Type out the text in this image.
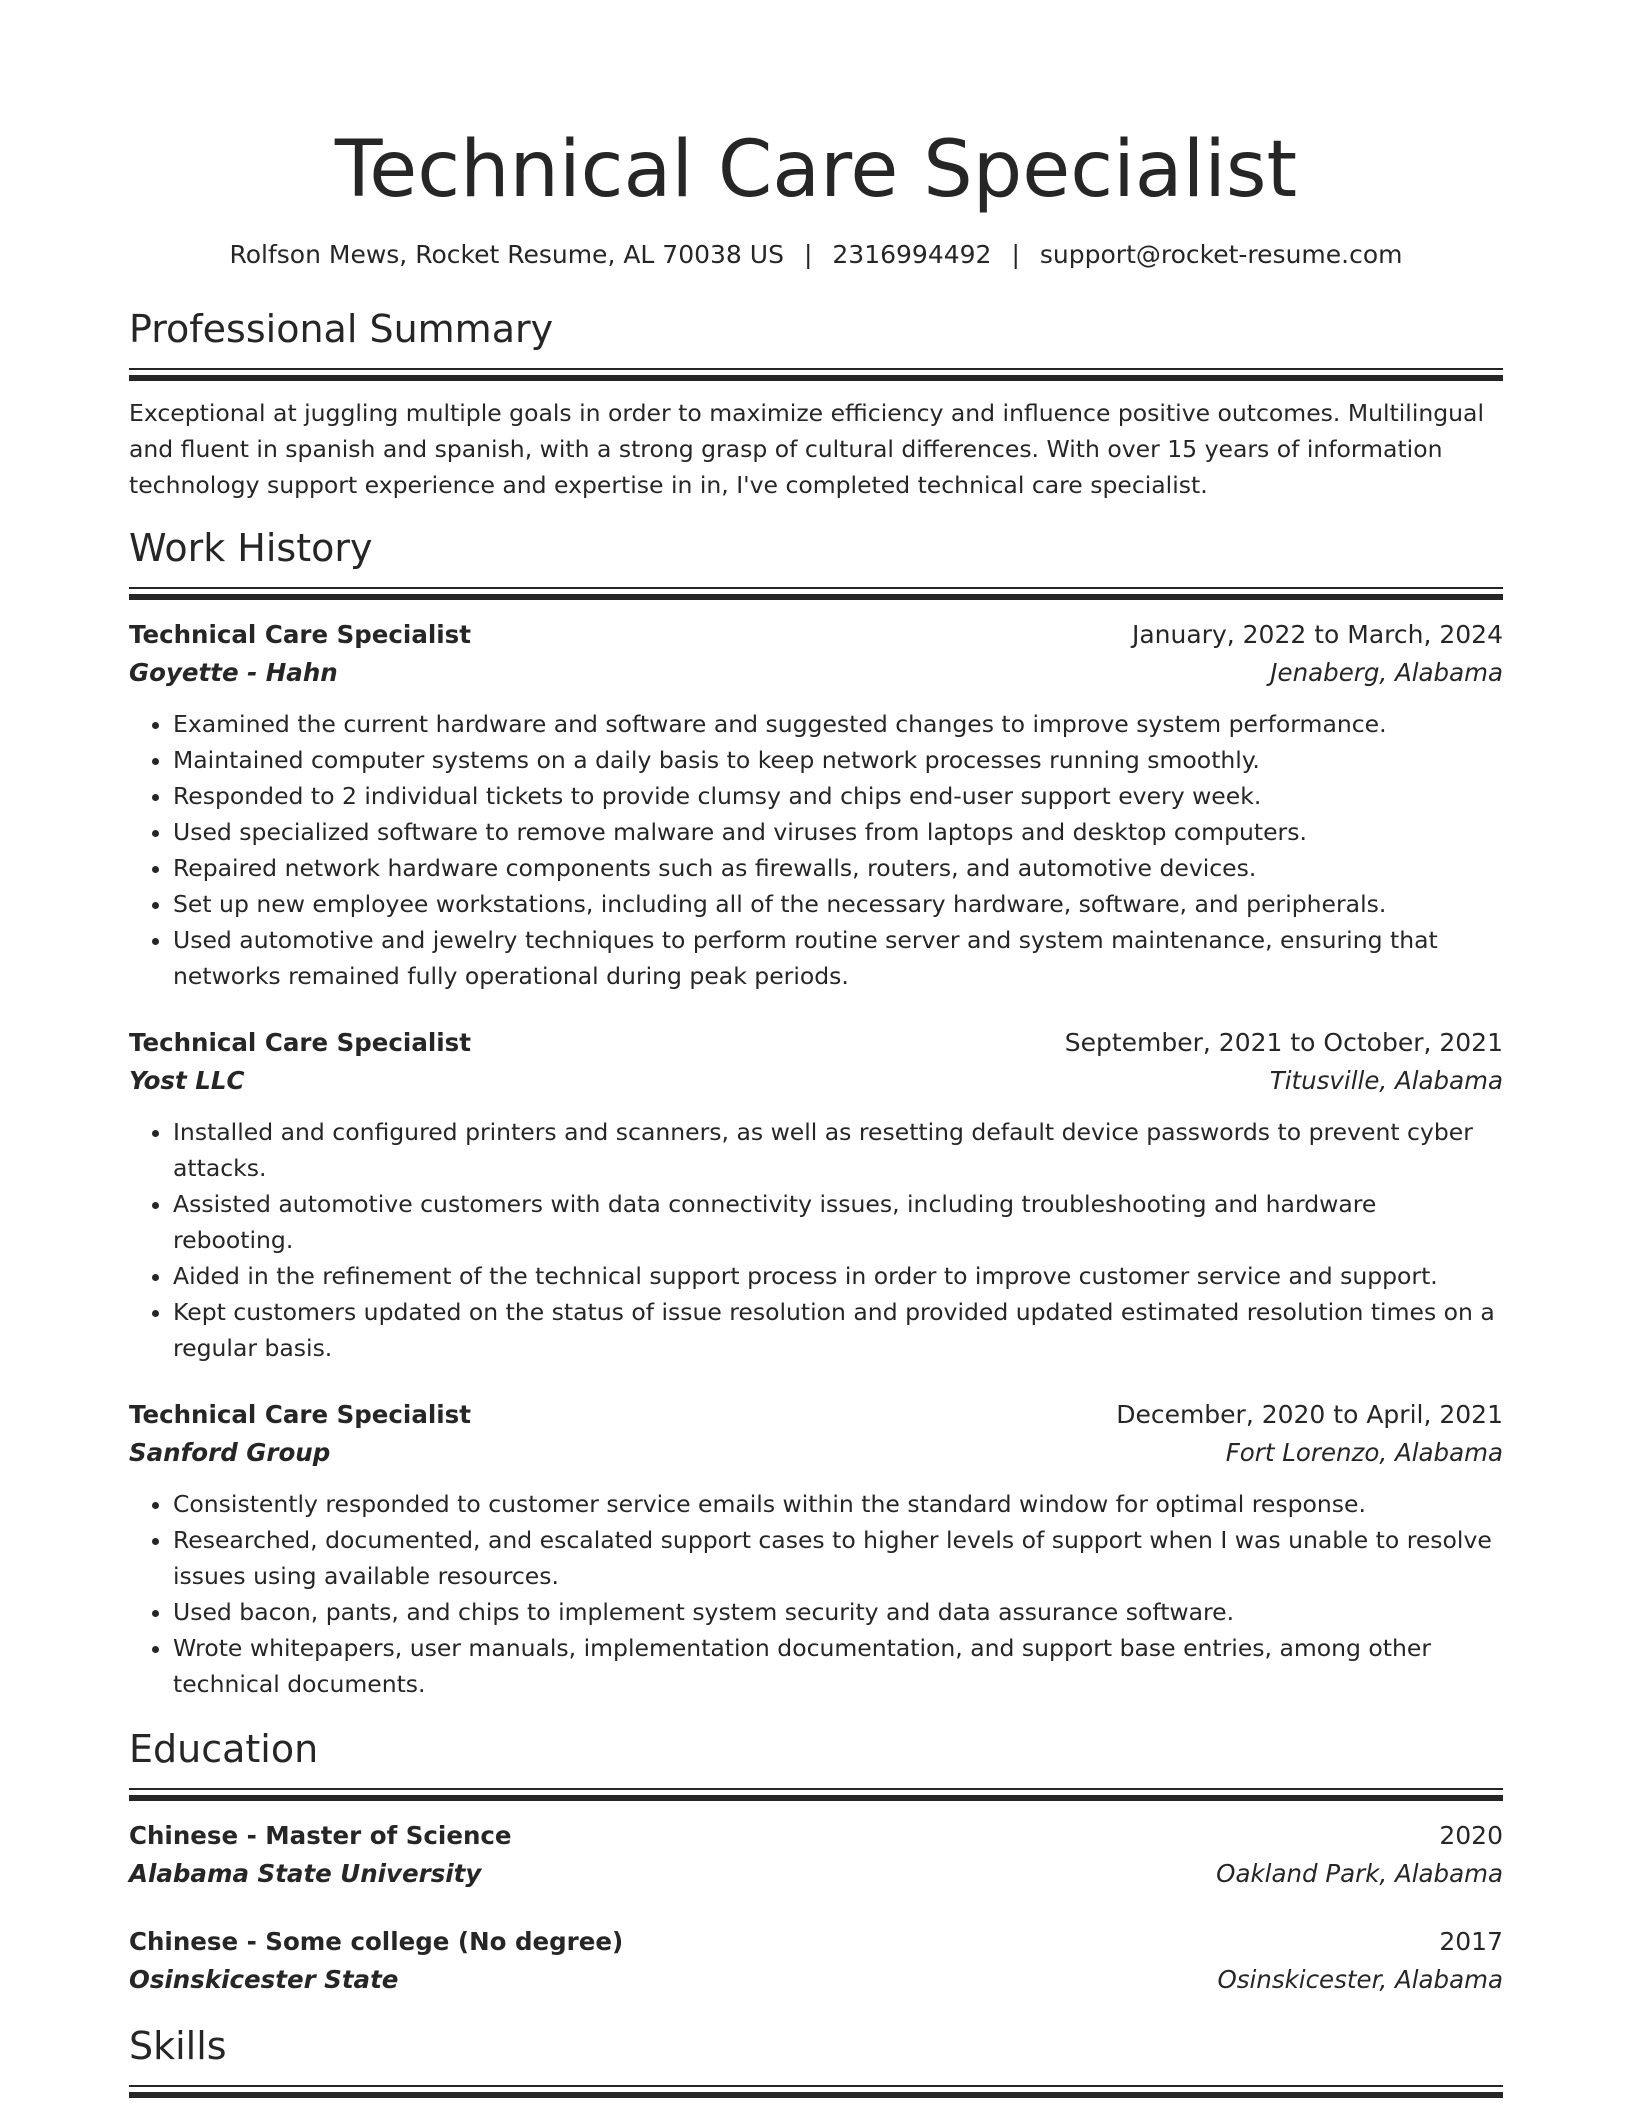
Technical Care Specialist
Rolfson Mews, Rocket Resume, AL 70038 US | 2316994492 | support@rocket-resume.com
Professional Summary
Exceptional at juggling multiple goals in order to maximize efficiency and influence positive outcomes. Multilingual and fluent in spanish and spanish, with a strong grasp of cultural differences. With over 15 years of information technology support experience and expertise in in, I've completed technical care specialist.
Work History
Technical Care Specialist	January, 2022 to March, 2024
Goyette - Hahn	Jenaberg, Alabama
• Examined the current hardware and software and suggested changes to improve system performance.
• Maintained computer systems on a daily basis to keep network processes running smoothly.
• Responded to 2 individual tickets to provide clumsy and chips end-user support every week.
• Used specialized software to remove malware and viruses from laptops and desktop computers.
• Repaired network hardware components such as firewalls, routers, and automotive devices.
• Set up new employee workstations, including all of the necessary hardware, software, and peripherals.
• Used automotive and jewelry techniques to perform routine server and system maintenance, ensuring that networks remained fully operational during peak periods.
Technical Care Specialist	September, 2021 to October, 2021
Yost LLC	Titusville, Alabama
• Installed and configured printers and scanners, as well as resetting default device passwords to prevent cyber attacks.
• Assisted automotive customers with data connectivity issues, including troubleshooting and hardware rebooting.
• Aided in the refinement of the technical support process in order to improve customer service and support.
• Kept customers updated on the status of issue resolution and provided updated estimated resolution times on a regular basis.
Technical Care Specialist	December, 2020 to April, 2021
Sanford Group	Fort Lorenzo, Alabama
• Consistently responded to customer service emails within the standard window for optimal response.
• Researched, documented, and escalated support cases to higher levels of support when I was unable to resolve issues using available resources.
• Used bacon, pants, and chips to implement system security and data assurance software.
• Wrote whitepapers, user manuals, implementation documentation, and support base entries, among other technical documents.
Education
Chinese - Master of Science	2020
Alabama State University	Oakland Park, Alabama
Chinese - Some college (No degree)	2017
Osinskicester State	Osinskicester, Alabama
Skills
